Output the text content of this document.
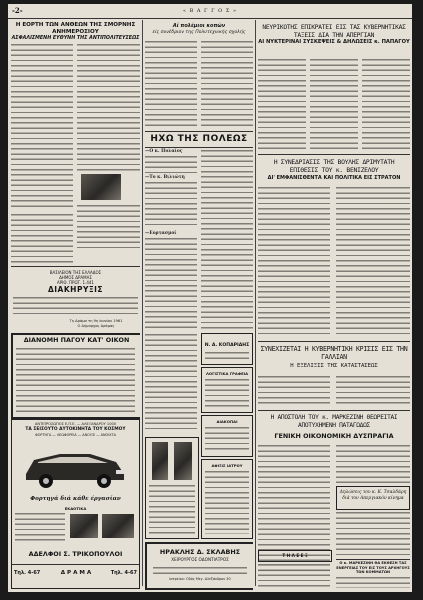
-2-	« Β Α Γ Γ Ο Σ »

Η ΕΟΡΤΗ ΤΩΝ ΑΝΘΕΩΝ ΤΗΣ ΣΜΟΡΝΗΣ ΑΝΗΜΕΡΟΣΙΟΥ

ΑΣΦΑΛΙΣΜΕΝΗ ΕΥΘΥΝΗ ΤΗΣ ΑΝΤΙΠΟΛΙΤΕΥΣΕΩΣ

ΒΑΣΙΛΕΙΟΝ ΤΗΣ ΕΛΛΑΔΟΣ

ΔΗΜΟΣ ΔΡΑΜΑΣ

ΑΡΙΘ. ΠΡΩΤ. 1.441

ΔΙΑΚΗΡΥΞΙΣ

Τη Δράμα τη 9η Ιουνίου 1961

Ο Δήμαρχος Δράμας

ΔΙΑΝΟΜΗ ΠΑΓΟΥ ΚΑΤ' ΟΙΚΟΝ

ΑΝΤΙΠΡΟΣΩΠΟΣ Ε.Π.Ε. — ΑΛΕΞΑΝΔΡΟΥ 1000

ΤΑ ΣΕΙΣΟΥΤΟ ΑΥΤΟΚΙΝΗΤΑ ΤΟΥ ΚΟΣΜΟΥ

ΦΟΡΤΗΓΑ — ΛΕΩΦΟΡΕΙΑ — ΑΝΟΙΞΕ — ΑΝΟΙΧΤΑ

Φορτηγά διά κάθε έργασίαν

ΕΚΔΟΤΙΚΑ

ΑΔΕΛΦΟΙ Σ. ΤΡΙΚΟΠΟΥΛΟΙ

Τηλ. 4-67	Δ Ρ Α Μ Α	Τηλ. 4-67

Αί πολέμιοι κοπών

είς συνέδριον της Πολυτεχνικής σχολής

ΗΧΩ ΤΗΣ ΠΟΛΕΩΣ

—Ο κ. Πυλαίος

—Το κ. Βιλιώτη

—Εορτασμοί

Ν. Α. ΚΟΠΑΡΙΔΗΣ

ΛΟΓΙΣΤΙΚΑ ΓΡΑΦΕΙΑ

ΔΙΑΚΟΠΑΙ

ΑΦΙΞΙΣ ΙΑΤΡΟΥ

ΗΡΑΚΛΗΣ Δ. ΣΚΛΑΒΗΣ

ΧΕΙΡΟΥΡΓΟΣ ΟΔΟΝΤΙΑΤΡΟΣ

Ιατρείον: Οδός Μεγ. Αλεξάνδρου 30

ΝΕΥΡΙΚΟΤΗΣ ΕΠΙΚΡΑΤΕΙ ΕΙΣ ΤΑΣ ΚΥΒΕΡΝΗΤΙΚΑΣ ΤΑΞΕΙΣ ΔΙΑ ΤΗΝ ΑΠΕΡΓΙΑΝ

ΑΙ ΝΥΚΤΕΡΙΝΑΙ ΣΥΣΚΕΨΕΙΣ & ΔΗΛΩΣΕΙΣ κ. ΠΑΠΑΓΟΥ

Η ΣΥΝΕΔΡΙΑΣΙΣ ΤΗΣ ΒΟΥΛΗΣ ΔΡΙΜΥΤΑΤΗ ΕΠΙΘΕΣΙΣ ΤΟΥ κ. ΒΕΝΙΖΕΛΟΥ

ΔΙ' ΕΜΦΑΝΙΣΘΕΝΤΑ ΚΑΙ ΠΟΛΙΤΙΚΑ ΕΙΣ ΣΤΡΑΤΟΝ

ΣΥΝΕΧΙΖΕΤΑΙ Η ΚΥΒΕΡΝΗΤΙΚΗ ΚΡΙΣΙΣ ΕΙΣ ΤΗΝ ΓΑΛΛΙΑΝ

Η ΕΞΕΛΙΞΙΣ ΤΗΣ ΚΑΤΑΣΤΑΣΕΩΣ

Η ΑΠΟΣΤΟΛΗ ΤΟΥ κ. ΜΑΡΚΕΖΙΝΗ ΘΕΩΡΕΙΤΑΙ ΑΠΟΤΥΧΗΜΕΝΗ ΠΑΤΑΓΩΔΩΣ

ΓΕΝΙΚΗ ΟΙΚΟΝΟΜΙΚΗ ΔΥΣΠΡΑΓΙΑ

Δηλώσεις του κ. Κ. Τσαλδάρη διά τον Απεργιακόν κίνημα

Ο κ. ΜΑΡΚΕΖΙΝΗ ΘΑ ΕΚΘΕΣΗ ΤΑΣ ΕΝΕΡΓΕΙΑΣ ΤΟΥ ΕΙΣ ΤΟΥΣ ΑΡΧΗΓΟΥΣ ΤΩΝ ΚΟΜΜΑΤΩΝ

Τ Η Λ Ε Ε Ξ
